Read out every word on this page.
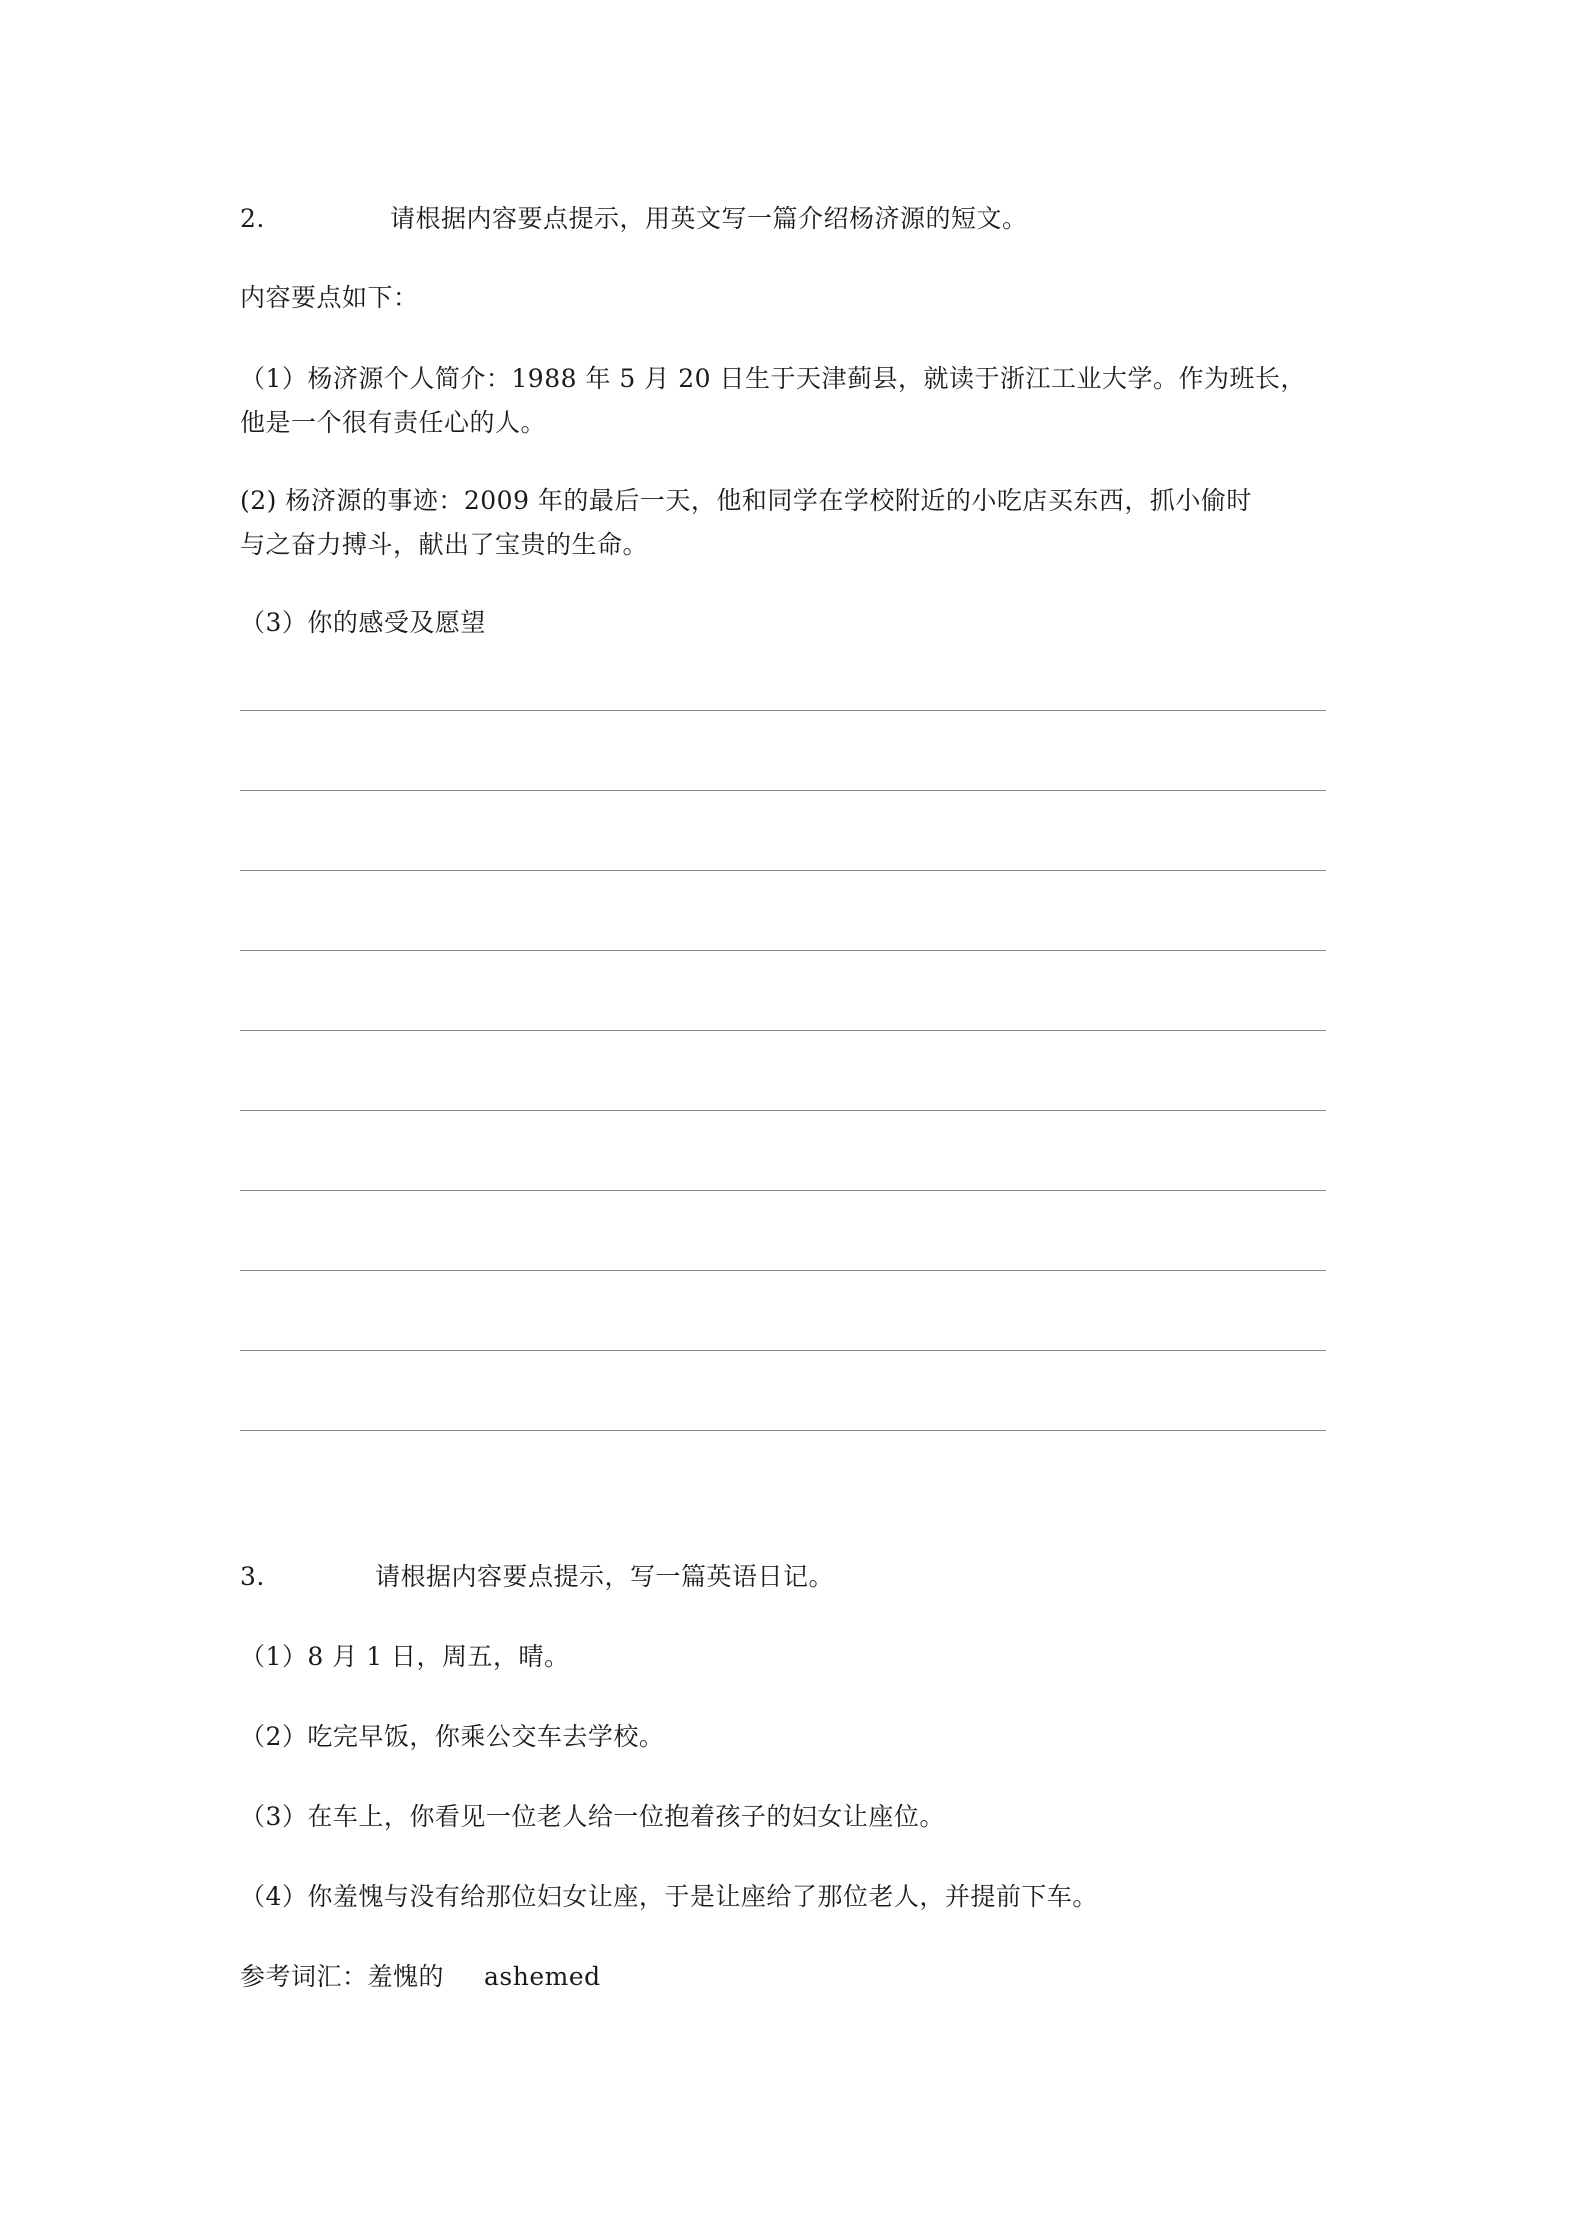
2.	请根据内容要点提示，用英文写一篇介绍杨济源的短文。
内容要点如下：
（1）杨济源个人简介：1988 年 5 月 20 日生于天津蓟县，就读于浙江工业大学。作为班长，
他是一个很有责任心的人。
(2) 杨济源的事迹：2009 年的最后一天，他和同学在学校附近的小吃店买东西，抓小偷时
与之奋力搏斗，献出了宝贵的生命。
（3）你的感受及愿望
3.	请根据内容要点提示，写一篇英语日记。
（1）8 月 1 日，周五，晴。
（2）吃完早饭，你乘公交车去学校。
（3）在车上，你看见一位老人给一位抱着孩子的妇女让座位。
（4）你羞愧与没有给那位妇女让座，于是让座给了那位老人，并提前下车。
参考词汇：羞愧的 ashemed
